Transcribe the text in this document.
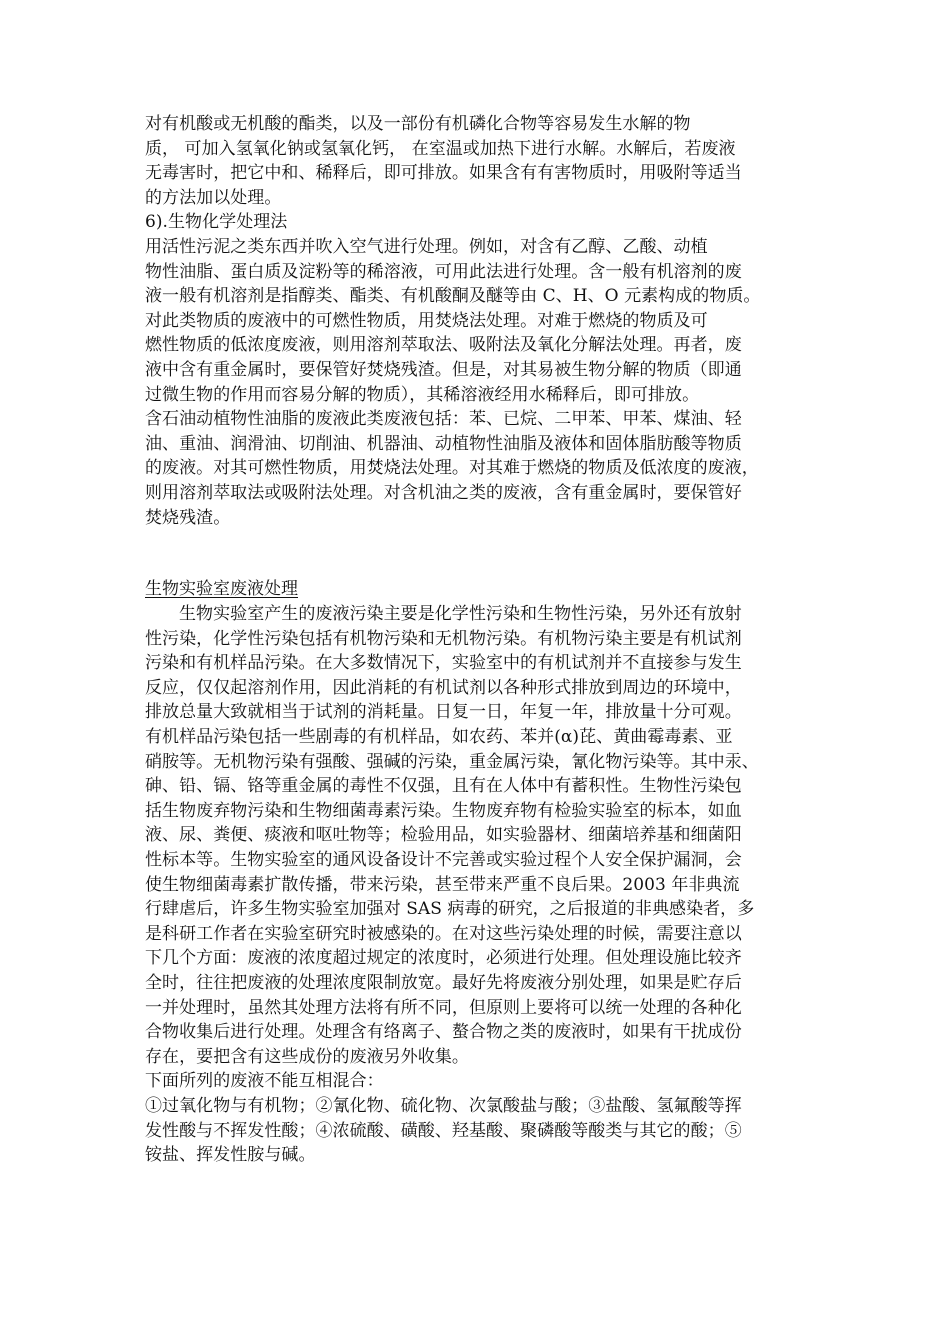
对有机酸或无机酸的酯类，以及一部份有机磷化合物等容易发生水解的物
质， 可加入氢氧化钠或氢氧化钙， 在室温或加热下进行水解。水解后，若废液
无毒害时，把它中和、稀释后，即可排放。如果含有有害物质时，用吸附等适当
的方法加以处理。
6).生物化学处理法
用活性污泥之类东西并吹入空气进行处理。例如，对含有乙醇、乙酸、动植
物性油脂、蛋白质及淀粉等的稀溶液，可用此法进行处理。含一般有机溶剂的废
液一般有机溶剂是指醇类、酯类、有机酸酮及醚等由 C、H、O 元素构成的物质。
对此类物质的废液中的可燃性物质，用焚烧法处理。对难于燃烧的物质及可
燃性物质的低浓度废液，则用溶剂萃取法、吸附法及氧化分解法处理。再者，废
液中含有重金属时，要保管好焚烧残渣。但是，对其易被生物分解的物质（即通
过微生物的作用而容易分解的物质），其稀溶液经用水稀释后，即可排放。
含石油动植物性油脂的废液此类废液包括：苯、已烷、二甲苯、甲苯、煤油、轻
油、重油、润滑油、切削油、机器油、动植物性油脂及液体和固体脂肪酸等物质
的废液。对其可燃性物质，用焚烧法处理。对其难于燃烧的物质及低浓度的废液，
则用溶剂萃取法或吸附法处理。对含机油之类的废液，含有重金属时，要保管好
焚烧残渣。
生物实验室废液处理
生物实验室产生的废液污染主要是化学性污染和生物性污染，另外还有放射
性污染，化学性污染包括有机物污染和无机物污染。有机物污染主要是有机试剂
污染和有机样品污染。在大多数情况下，实验室中的有机试剂并不直接参与发生
反应，仅仅起溶剂作用，因此消耗的有机试剂以各种形式排放到周边的环境中，
排放总量大致就相当于试剂的消耗量。日复一日，年复一年，排放量十分可观。
有机样品污染包括一些剧毒的有机样品，如农药、苯并(α)芘、黄曲霉毒素、亚
硝胺等。无机物污染有强酸、强碱的污染，重金属污染，氰化物污染等。其中汞、
砷、铅、镉、铬等重金属的毒性不仅强，且有在人体中有蓄积性。生物性污染包
括生物废弃物污染和生物细菌毒素污染。生物废弃物有检验实验室的标本，如血
液、尿、粪便、痰液和呕吐物等；检验用品，如实验器材、细菌培养基和细菌阳
性标本等。生物实验室的通风设备设计不完善或实验过程个人安全保护漏洞，会
使生物细菌毒素扩散传播，带来污染，甚至带来严重不良后果。2003 年非典流
行肆虐后，许多生物实验室加强对 SAS 病毒的研究，之后报道的非典感染者，多
是科研工作者在实验室研究时被感染的。在对这些污染处理的时候，需要注意以
下几个方面：废液的浓度超过规定的浓度时，必须进行处理。但处理设施比较齐
全时，往往把废液的处理浓度限制放宽。最好先将废液分别处理，如果是贮存后
一并处理时，虽然其处理方法将有所不同，但原则上要将可以统一处理的各种化
合物收集后进行处理。处理含有络离子、螯合物之类的废液时，如果有干扰成份
存在，要把含有这些成份的废液另外收集。
下面所列的废液不能互相混合：
①过氧化物与有机物；②氰化物、硫化物、次氯酸盐与酸；③盐酸、氢氟酸等挥
发性酸与不挥发性酸；④浓硫酸、磺酸、羟基酸、聚磷酸等酸类与其它的酸；⑤
铵盐、挥发性胺与碱。
